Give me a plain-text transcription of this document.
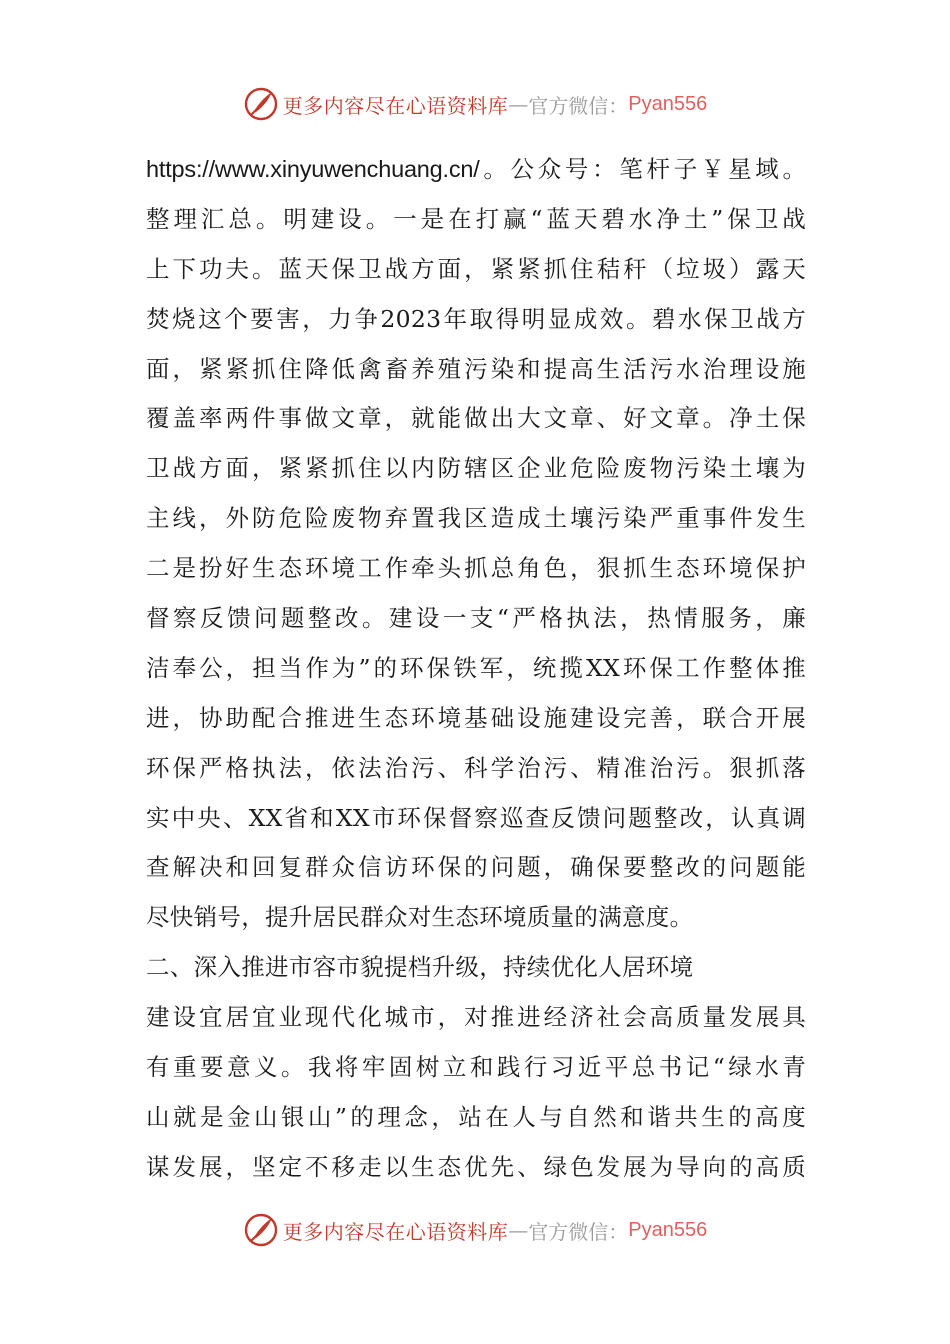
更多内容尽在心语资料库 — 官方微信： Pyan556
https://www.xinyuwenchuang.cn/。公众号：笔杆子￥星域。
整理汇总。明建设。一是在打赢“蓝天碧水净土”保卫战
上下功夫。蓝天保卫战方面，紧紧抓住秸秆（垃圾）露天
焚烧这个要害，力争2023年取得明显成效。碧水保卫战方
面，紧紧抓住降低禽畜养殖污染和提高生活污水治理设施
覆盖率两件事做文章，就能做出大文章、好文章。净土保
卫战方面，紧紧抓住以内防辖区企业危险废物污染土壤为
主线，外防危险废物弃置我区造成土壤污染严重事件发生
二是扮好生态环境工作牵头抓总角色，狠抓生态环境保护
督察反馈问题整改。建设一支“严格执法，热情服务，廉
洁奉公，担当作为”的环保铁军，统揽XX环保工作整体推
进，协助配合推进生态环境基础设施建设完善，联合开展
环保严格执法，依法治污、科学治污、精准治污。狠抓落
实中央、XX省和XX市环保督察巡查反馈问题整改，认真调
查解决和回复群众信访环保的问题，确保要整改的问题能
尽快销号，提升居民群众对生态环境质量的满意度。
二、深入推进市容市貌提档升级，持续优化人居环境
建设宜居宜业现代化城市，对推进经济社会高质量发展具
有重要意义。我将牢固树立和践行习近平总书记“绿水青
山就是金山银山”的理念，站在人与自然和谐共生的高度
谋发展，坚定不移走以生态优先、绿色发展为导向的高质
更多内容尽在心语资料库 — 官方微信： Pyan556
